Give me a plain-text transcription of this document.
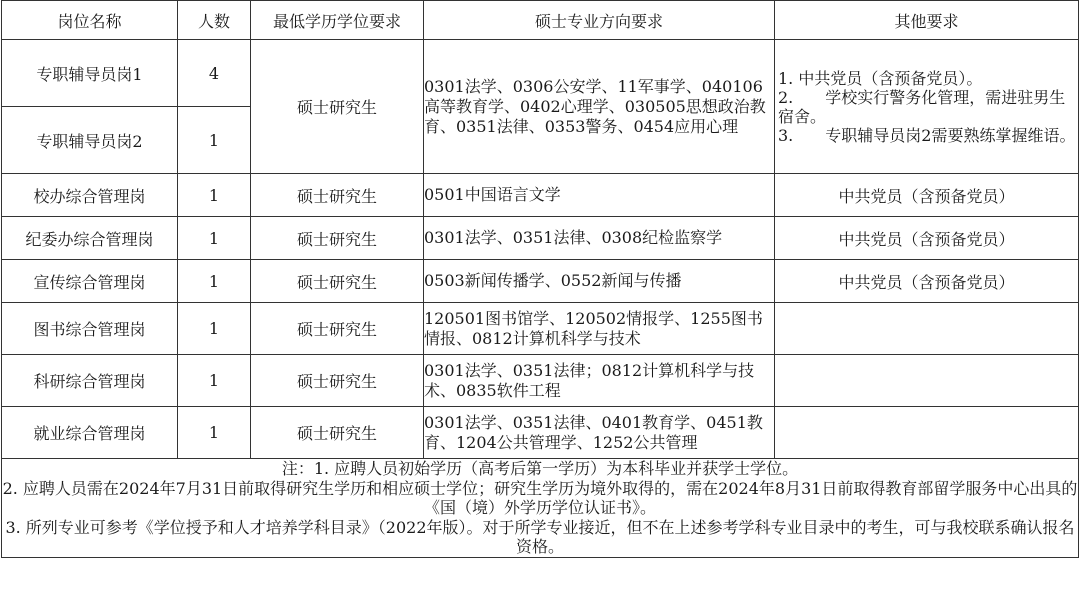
岗位名称	人数	最低学历学位要求	硕士专业方向要求	其他要求
专职辅导员岗1	4	硕士研究生	0301法学、0306公安学、11军事学、040106高等教育学、0402心理学、030505思想政治教育、0351法律、0353警务、0454应用心理	1. 中共党员（含预备党员）。
2.　　学校实行警务化管理，需进驻男生宿舍。
3.　　专职辅导员岗2需要熟练掌握维语。

专职辅导员岗2	1			
校办综合管理岗	1	硕士研究生	0501中国语言文学	中共党员（含预备党员）
纪委办综合管理岗	1	硕士研究生	0301法学、0351法律、0308纪检监察学	中共党员（含预备党员）
宣传综合管理岗	1	硕士研究生	0503新闻传播学、0552新闻与传播	中共党员（含预备党员）
图书综合管理岗	1	硕士研究生	120501图书馆学、120502情报学、1255图书情报、0812计算机科学与技术	
科研综合管理岗	1	硕士研究生	0301法学、0351法律；0812计算机科学与技术、0835软件工程	
就业综合管理岗	1	硕士研究生	0301法学、0351法律、0401教育学、0451教育、1204公共管理学、1252公共管理	

注：1. 应聘人员初始学历（高考后第一学历）为本科毕业并获学士学位。
2. 应聘人员需在2024年7月31日前取得研究生学历和相应硕士学位；研究生学历为境外取得的，需在2024年8月31日前取得教育部留学服务中心出具的《国（境）外学历学位认证书》。
3. 所列专业可参考《学位授予和人才培养学科目录》（2022年版）。对于所学专业接近，但不在上述参考学科专业目录中的考生，可与我校联系确认报名资格。				
